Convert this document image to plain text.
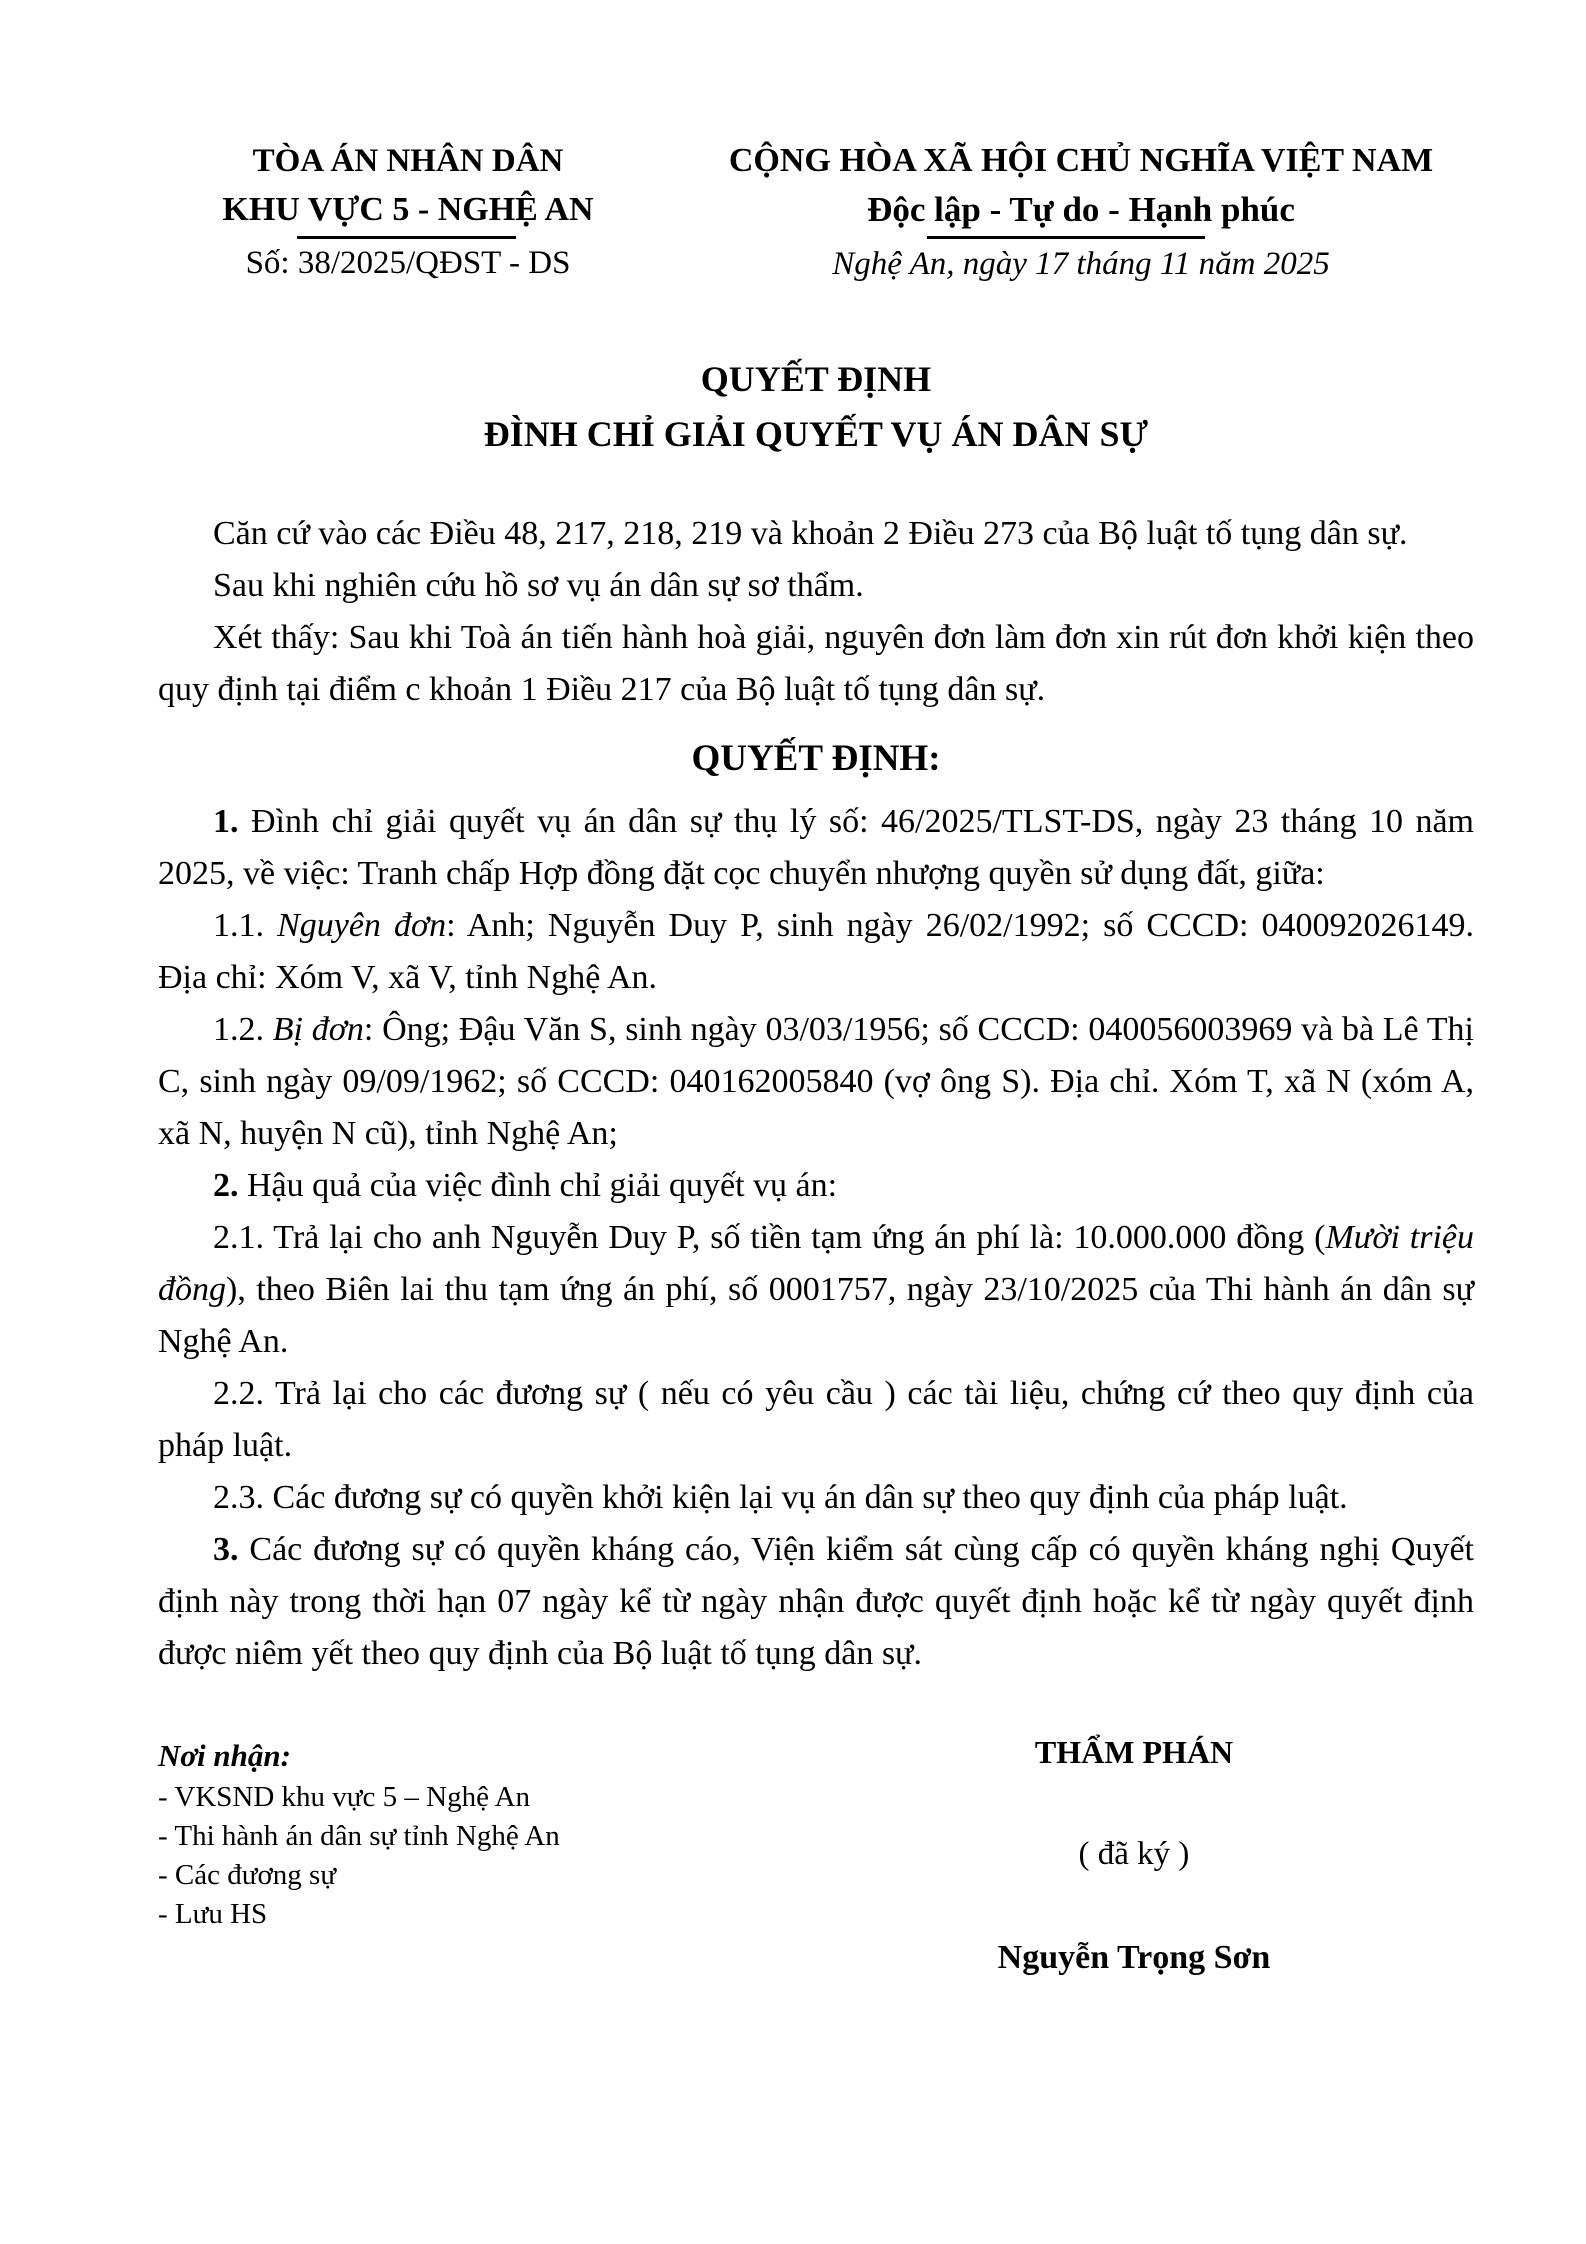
TÒA ÁN NHÂN DÂN
KHU VỰC 5 - NGHỆ AN
Số: 38/2025/QĐST - DS
CỘNG HÒA XÃ HỘI CHỦ NGHĨA VIỆT NAM
Độc lập - Tự do - Hạnh phúc
Nghệ An, ngày 17 tháng 11 năm 2025
QUYẾT ĐỊNH
ĐÌNH CHỈ GIẢI QUYẾT VỤ ÁN DÂN SỰ

Căn cứ vào các Điều 48, 217, 218, 219 và khoản 2 Điều 273 của Bộ luật tố tụng dân sự.

Sau khi nghiên cứu hồ sơ vụ án dân sự sơ thẩm.

Xét thấy: Sau khi Toà án tiến hành hoà giải, nguyên đơn làm đơn xin rút đơn khởi kiện theo quy định tại điểm c khoản 1 Điều 217 của Bộ luật tố tụng dân sự.

QUYẾT ĐỊNH:

1. Đình chỉ giải quyết vụ án dân sự thụ lý số: 46/2025/TLST-DS, ngày 23 tháng 10 năm 2025, về việc: Tranh chấp Hợp đồng đặt cọc chuyển nhượng quyền sử dụng đất, giữa:

1.1. Nguyên đơn: Anh; Nguyễn Duy P, sinh ngày 26/02/1992; số CCCD: 040092026149. Địa chỉ: Xóm V, xã V, tỉnh Nghệ An.

1.2. Bị đơn: Ông; Đậu Văn S, sinh ngày 03/03/1956; số CCCD: 040056003969 và bà Lê Thị C, sinh ngày 09/09/1962; số CCCD: 040162005840 (vợ ông S). Địa chỉ. Xóm T, xã N (xóm A, xã N, huyện N cũ), tỉnh Nghệ An;

2. Hậu quả của việc đình chỉ giải quyết vụ án:

2.1. Trả lại cho anh Nguyễn Duy P, số tiền tạm ứng án phí là: 10.000.000 đồng (Mười triệu đồng), theo Biên lai thu tạm ứng án phí, số 0001757, ngày 23/10/2025 của Thi hành án dân sự Nghệ An.

2.2. Trả lại cho các đương sự ( nếu có yêu cầu ) các tài liệu, chứng cứ theo quy định của pháp luật.

2.3. Các đương sự có quyền khởi kiện lại vụ án dân sự theo quy định của pháp luật.

3. Các đương sự có quyền kháng cáo, Viện kiểm sát cùng cấp có quyền kháng nghị Quyết định này trong thời hạn 07 ngày kể từ ngày nhận được quyết định hoặc kể từ ngày quyết định được niêm yết theo quy định của Bộ luật tố tụng dân sự.

Nơi nhận:
- VKSND khu vực 5 – Nghệ An
- Thi hành án dân sự tỉnh Nghệ An
- Các đương sự
- Lưu HS
THẨM PHÁN
( đã ký )
Nguyễn Trọng Sơn
